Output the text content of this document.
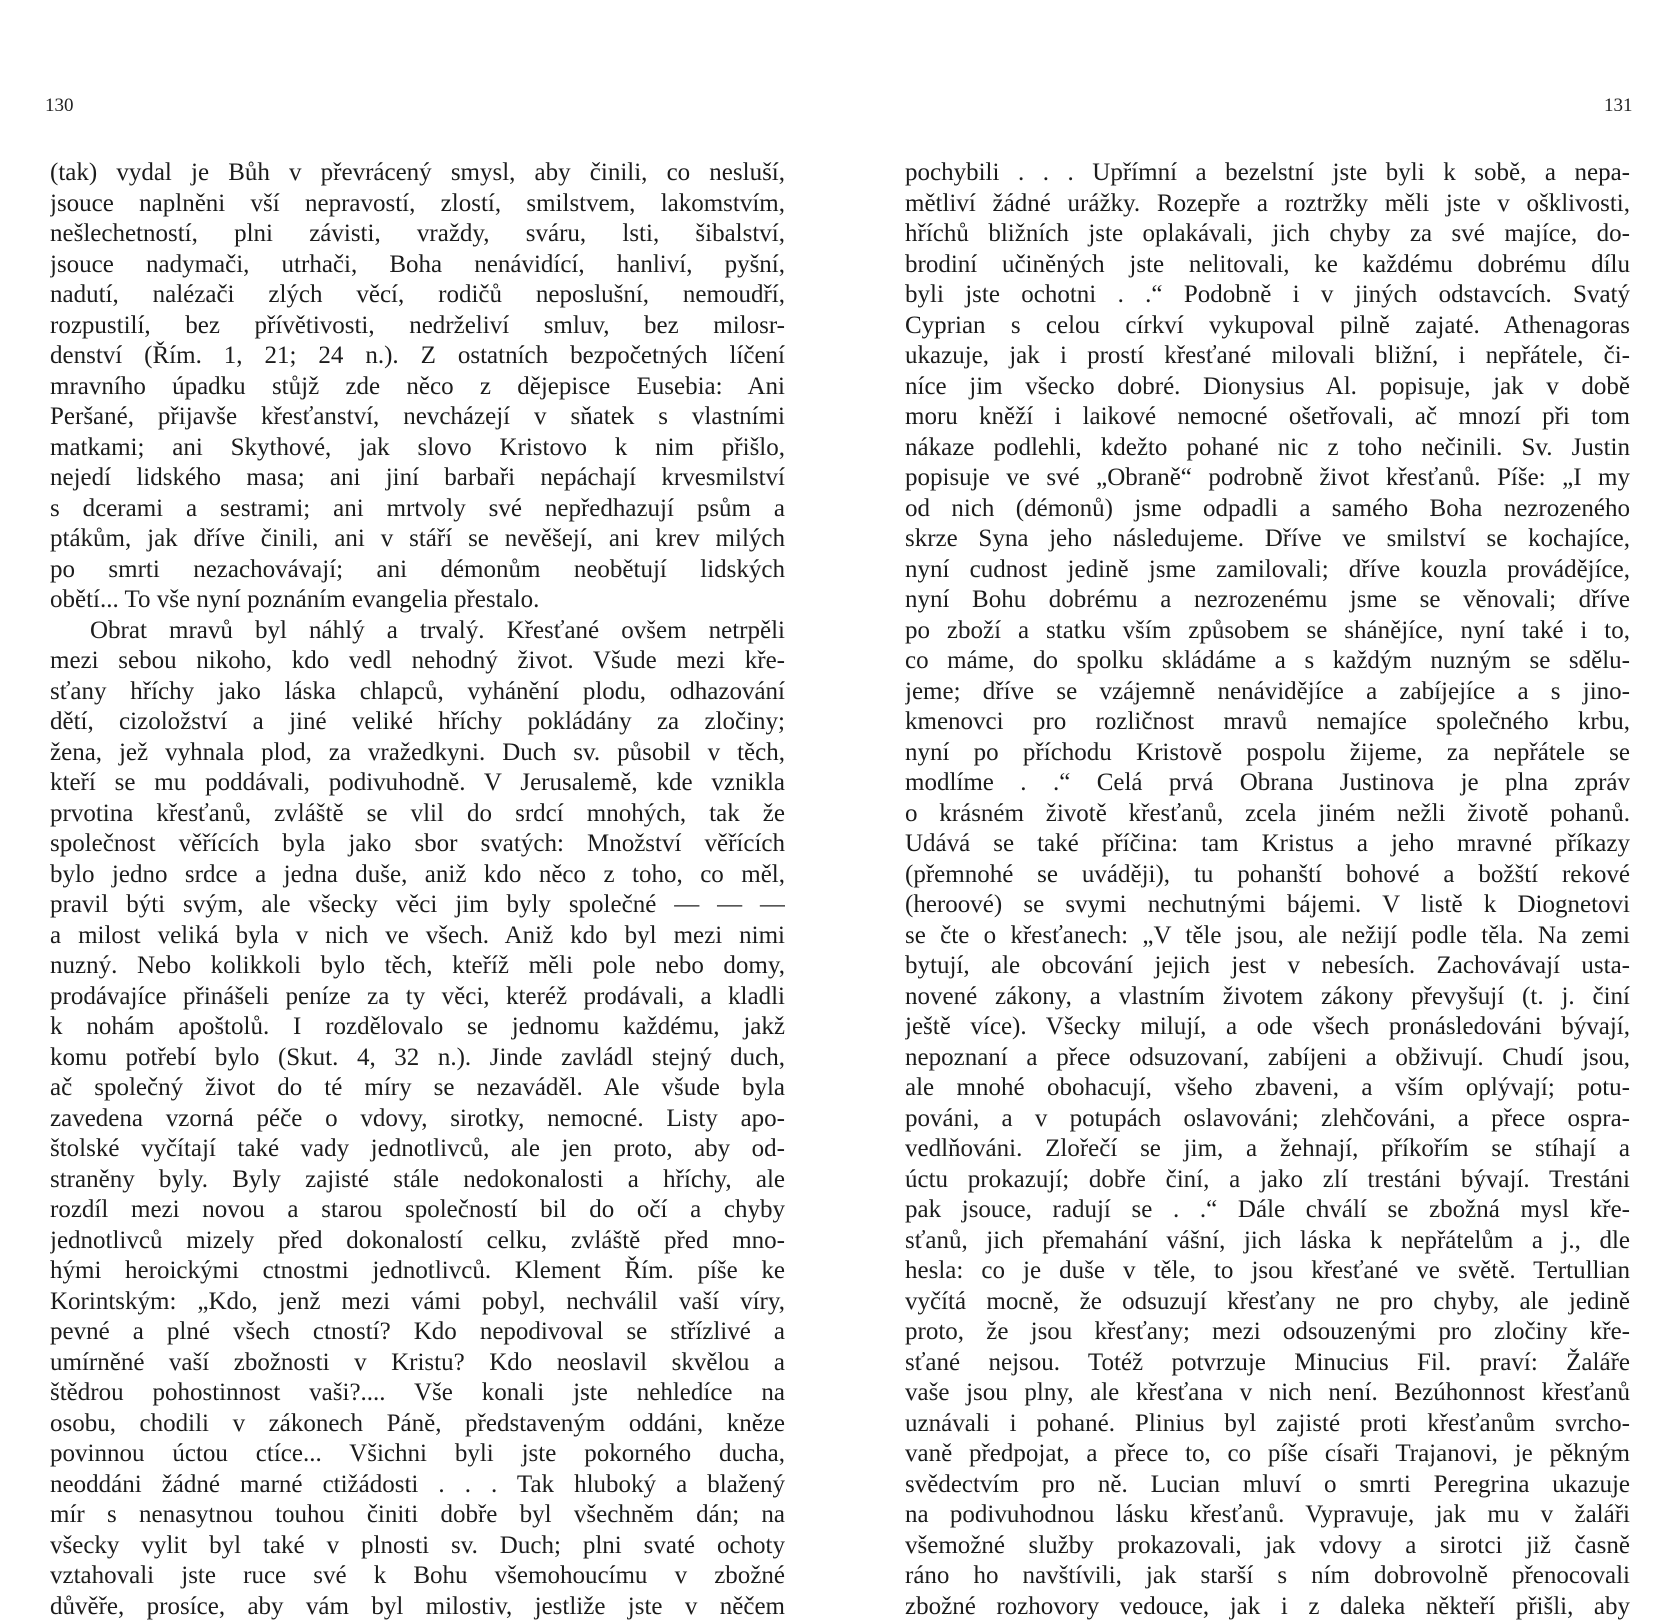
130	131
(tak) vydal je Bůh v převrácený smysl, aby činili, co nesluší,
jsouce naplněni vší nepravostí, zlostí, smilstvem, lakomstvím,
nešlechetností, plni závisti, vraždy, sváru, lsti, šibalství,
jsouce nadymači, utrhači, Boha nenávidící, hanliví, pyšní,
nadutí, nalézači zlých věcí, rodičů neposlušní, nemoudří,
rozpustilí, bez přívětivosti, nedrželiví smluv, bez milosr-
denství (Řím. 1, 21; 24 n.). Z ostatních bezpočetných líčení
mravního úpadku stůjž zde něco z dějepisce Eusebia: Ani
Peršané, přijavše křesťanství, nevcházejí v sňatek s vlastními
matkami; ani Skythové, jak slovo Kristovo k nim přišlo,
nejedí lidského masa; ani jiní barbaři nepáchají krvesmilství
s dcerami a sestrami; ani mrtvoly své nepředhazují psům a
ptákům, jak dříve činili, ani v stáří se nevěšejí, ani krev milých
po smrti nezachovávají; ani démonům neobětují lidských
obětí... To vše nyní poznáním evangelia přestalo.
Obrat mravů byl náhlý a trvalý. Křesťané ovšem netrpěli
mezi sebou nikoho, kdo vedl nehodný život. Všude mezi kře-
sťany hříchy jako láska chlapců, vyhánění plodu, odhazování
dětí, cizoložství a jiné veliké hříchy pokládány za zločiny;
žena, jež vyhnala plod, za vražedkyni. Duch sv. působil v těch,
kteří se mu poddávali, podivuhodně. V Jerusalemě, kde vznikla
prvotina křesťanů, zvláště se vlil do srdcí mnohých, tak že
společnost věřících byla jako sbor svatých: Množství věřících
bylo jedno srdce a jedna duše, aniž kdo něco z toho, co měl,
pravil býti svým, ale všecky věci jim byly společné — — —
a milost veliká byla v nich ve všech. Aniž kdo byl mezi nimi
nuzný. Nebo kolikkoli bylo těch, kteříž měli pole nebo domy,
prodávajíce přinášeli peníze za ty věci, kteréž prodávali, a kladli
k nohám apoštolů. I rozdělovalo se jednomu každému, jakž
komu potřebí bylo (Skut. 4, 32 n.). Jinde zavládl stejný duch,
ač společný život do té míry se nezaváděl. Ale všude byla
zavedena vzorná péče o vdovy, sirotky, nemocné. Listy apo-
štolské vyčítají také vady jednotlivců, ale jen proto, aby od-
straněny byly. Byly zajisté stále nedokonalosti a hříchy, ale
rozdíl mezi novou a starou společností bil do očí a chyby
jednotlivců mizely před dokonalostí celku, zvláště před mno-
hými heroickými ctnostmi jednotlivců. Klement Řím. píše ke
Korintským: „Kdo, jenž mezi vámi pobyl, nechválil vaší víry,
pevné a plné všech ctností? Kdo nepodivoval se střízlivé a
umírněné vaší zbožnosti v Kristu? Kdo neoslavil skvělou a
štědrou pohostinnost vaši?.... Vše konali jste nehledíce na
osobu, chodili v zákonech Páně, představeným oddáni, kněze
povinnou úctou ctíce... Všichni byli jste pokorného ducha,
neoddáni žádné marné ctižádosti . . . Tak hluboký a blažený
mír s nenasytnou touhou činiti dobře byl všechněm dán; na
všecky vylit byl také v plnosti sv. Duch; plni svaté ochoty
vztahovali jste ruce své k Bohu všemohoucímu v zbožné
důvěře, prosíce, aby vám byl milostiv, jestliže jste v něčem
pochybili . . . Upřímní a bezelstní jste byli k sobě, a nepa-
mětliví žádné urážky. Rozepře a roztržky měli jste v ošklivosti,
hříchů bližních jste oplakávali, jich chyby za své majíce, do-
brodiní učiněných jste nelitovali, ke každému dobrému dílu
byli jste ochotni . .“ Podobně i v jiných odstavcích. Svatý
Cyprian s celou církví vykupoval pilně zajaté. Athenagoras
ukazuje, jak i prostí křesťané milovali bližní, i nepřátele, či-
níce jim všecko dobré. Dionysius Al. popisuje, jak v době
moru kněží i laikové nemocné ošetřovali, ač mnozí při tom
nákaze podlehli, kdežto pohané nic z toho nečinili. Sv. Justin
popisuje ve své „Obraně“ podrobně život křesťanů. Píše: „I my
od nich (démonů) jsme odpadli a samého Boha nezrozeného
skrze Syna jeho následujeme. Dříve ve smilství se kochajíce,
nyní cudnost jedině jsme zamilovali; dříve kouzla provádějíce,
nyní Bohu dobrému a nezrozenému jsme se věnovali; dříve
po zboží a statku vším způsobem se shánějíce, nyní také i to,
co máme, do spolku skládáme a s každým nuzným se sdělu-
jeme; dříve se vzájemně nenávidějíce a zabíjejíce a s jino-
kmenovci pro rozličnost mravů nemajíce společného krbu,
nyní po příchodu Kristově pospolu žijeme, za nepřátele se
modlíme . .“ Celá prvá Obrana Justinova je plna zpráv
o krásném životě křesťanů, zcela jiném nežli životě pohanů.
Udává se také příčina: tam Kristus a jeho mravné příkazy
(přemnohé se uváději), tu pohanští bohové a božští rekové
(heroové) se svymi nechutnými bájemi. V listě k Diognetovi
se čte o křesťanech: „V těle jsou, ale nežijí podle těla. Na zemi
bytují, ale obcování jejich jest v nebesích. Zachovávají usta-
novené zákony, a vlastním životem zákony převyšují (t. j. činí
ještě více). Všecky milují, a ode všech pronásledováni bývají,
nepoznaní a přece odsuzovaní, zabíjeni a obživují. Chudí jsou,
ale mnohé obohacují, všeho zbaveni, a vším oplývají; potu-
pováni, a v potupách oslavováni; zlehčováni, a přece ospra-
vedlňováni. Zlořečí se jim, a žehnají, příkořím se stíhají a
úctu prokazují; dobře činí, a jako zlí trestáni bývají. Trestáni
pak jsouce, radují se . .“ Dále chválí se zbožná mysl kře-
sťanů, jich přemahání vášní, jich láska k nepřátelům a j., dle
hesla: co je duše v těle, to jsou křesťané ve světě. Tertullian
vyčítá mocně, že odsuzují křesťany ne pro chyby, ale jedině
proto, že jsou křesťany; mezi odsouzenými pro zločiny kře-
sťané nejsou. Totéž potvrzuje Minucius Fil. praví: Žaláře
vaše jsou plny, ale křesťana v nich není. Bezúhonnost křesťanů
uznávali i pohané. Plinius byl zajisté proti křesťanům svrcho-
vaně předpojat, a přece to, co píše císaři Trajanovi, je pěkným
svědectvím pro ně. Lucian mluví o smrti Peregrina ukazuje
na podivuhodnou lásku křesťanů. Vypravuje, jak mu v žaláři
všemožné služby prokazovali, jak vdovy a sirotci již časně
ráno ho navštívili, jak starší s ním dobrovolně přenocovali
zbožné rozhovory vedouce, jak i z daleka někteří přišli, aby
